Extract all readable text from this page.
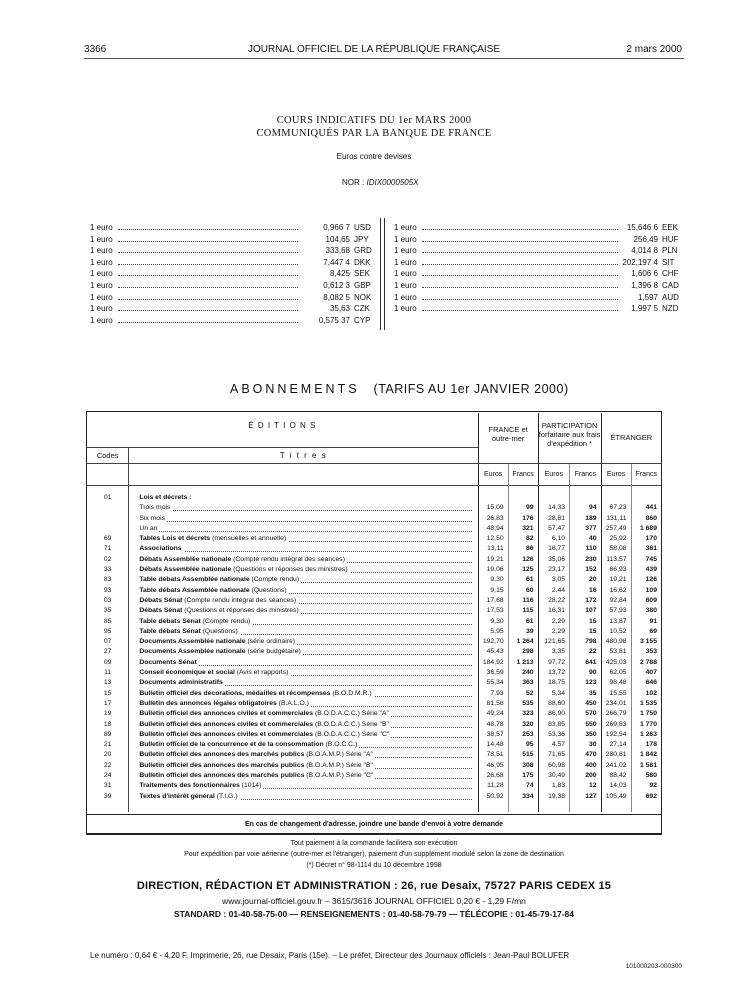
3366	JOURNAL OFFICIEL DE LA RÉPUBLIQUE FRANÇAISE	2 mars 2000
COURS INDICATIFS DU 1er MARS 2000
COMMUNIQUÉS PAR LA BANQUE DE FRANCE
Euros contre devises
NOR : IDIX0000505X
1 euro	0,966 7 USD
1 euro	104,65 JPY
1 euro	333,68 GRD
1 euro	7,447 4 DKK
1 euro	8,425 SEK
1 euro	0,612 3 GBP
1 euro	8,082 5 NOK
1 euro	35,63 CZK
1 euro	0,575 37 CYP
1 euro	15,646 6 EEK
1 euro	256,49 HUF
1 euro	4,014 8 PLN
1 euro	202,197 4 SIT
1 euro	1,606 6 CHF
1 euro	1,396 8 CAD
1 euro	1,597 AUD
1 euro	1,997 5 NZD
ABONNEMENTS (TARIFS AU 1er JANVIER 2000)
É D I T I O N S		FRANCE et outre-mer		PARTICIPATION forfaitaire aux frais d'expédition *		ÉTRANGER	
Codes	T i t r e s						
		Euros	Francs	Euros	Francs	Euros	Francs

01	Lois et décrets :						
	Trois mois	15,09	99	14,33	94	67,23	441
	Six mois	26,83	176	28,81	189	131,11	860
	Un an	48,94	321	57,47	377	257,49	1 689
69	Tables Lois et décrets (mensuelles et annuelle)	12,50	82	6,10	40	25,92	170
71	Associations	13,11	86	16,77	110	58,08	381
02	Débats Assemblée nationale (Compte rendu intégral des séances)	19,21	126	35,06	230	113,57	745
33	Débats Assemblée nationale (Questions et réponses des ministres)	19,06	125	23,17	152	66,93	439
83	Table débats Assemblée nationale (Compte rendu)	9,30	61	3,05	20	19,21	126
93	Table débats Assemblée nationale (Questions)	9,15	60	2,44	16	16,62	109
03	Débats Sénat (Compte rendu intégral des séances)	17,68	116	28,22	172	92,84	609
35	Débats Sénat (Questions et réponses des ministres)	17,53	115	16,31	107	57,93	380
85	Table débats Sénat (Compte rendu)	9,30	61	2,29	15	13,87	91
95	Table débats Sénat (Questions)	5,95	39	2,29	15	10,52	69
07	Documents Assemblée nationale (série ordinaire)	192,70	1 264	121,65	798	480,98	3 155
27	Documents Assemblée nationale (série budgétaire)	45,43	298	3,35	22	53,81	353
09	Documents Sénat	184,92	1 213	97,72	641	425,03	2 788
11	Conseil économique et social (Avis et rapports)	36,59	240	13,72	90	62,05	407
13	Documents administratifs	55,34	363	18,75	123	98,48	646
15	Bulletin officiel des décorations, médailles et récompenses (B.O.D.M.R.)	7,93	52	5,34	35	15,55	102
17	Bulletin des annonces légales obligatoires (B.A.L.O.)	81,56	535	88,60	450	234,01	1 535
19	Bulletin officiel des annonces civiles et commerciales (B.O.D.A.C.C.) Série "A"	49,24	323	86,90	570	266,79	1 750
18	Bulletin officiel des annonces civiles et commerciales (B.O.D.A.C.C.) Série "B"	48,78	320	83,85	550	269,83	1 770
89	Bulletin officiel des annonces civiles et commerciales (B.O.D.A.C.C.) Série "C"	38,57	253	53,36	350	192,54	1 263
21	Bulletin officiel de la concurrence et de la consommation (B.O.C.C.)	14,48	95	4,57	30	27,14	178
20	Bulletin officiel des annonces des marchés publics (B.O.A.M.P.) Série "A"	78,51	515	71,65	470	280,81	1 842
22	Bulletin officiel des annonces des marchés publics (B.O.A.M.P.) Série "B"	46,95	308	60,98	400	241,02	1 581
24	Bulletin officiel des annonces des marchés publics (B.O.A.M.P.) Série "C"	26,68	175	30,49	200	88,42	580
31	Traitements des fonctionnaires (1014)	11,28	74	1,83	12	14,03	92
39	Textes d'intérêt général (T.I.G.)	50,92	334	19,38	127	105,49	692

En cas de changement d'adresse, joindre une bande d'envoi à votre demande
Tout paiement à la commande facilitera son exécution
Pour expédition par voie aérienne (outre-mer et l'étranger), paiement d'un supplément modulé selon la zone de destination
(*) Décret n° 98-1114 du 10 décembre 1998
DIRECTION, RÉDACTION ET ADMINISTRATION : 26, rue Desaix, 75727 PARIS CEDEX 15
www.journal-officiel.gouv.fr – 3615/3616 JOURNAL OFFICIEL 0,20 € - 1,29 F/mn
STANDARD : 01-40-58-75-00 — RENSEIGNEMENTS : 01-40-58-79-79 — TÉLÉCOPIE : 01-45-79-17-84
Le numéro : 0,64 € - 4,20 F. Imprimerie, 26, rue Desaix, Paris (15e). – Le préfet, Directeur des Journaux officiels : Jean-Paul BOLUFER
101000203-000300
